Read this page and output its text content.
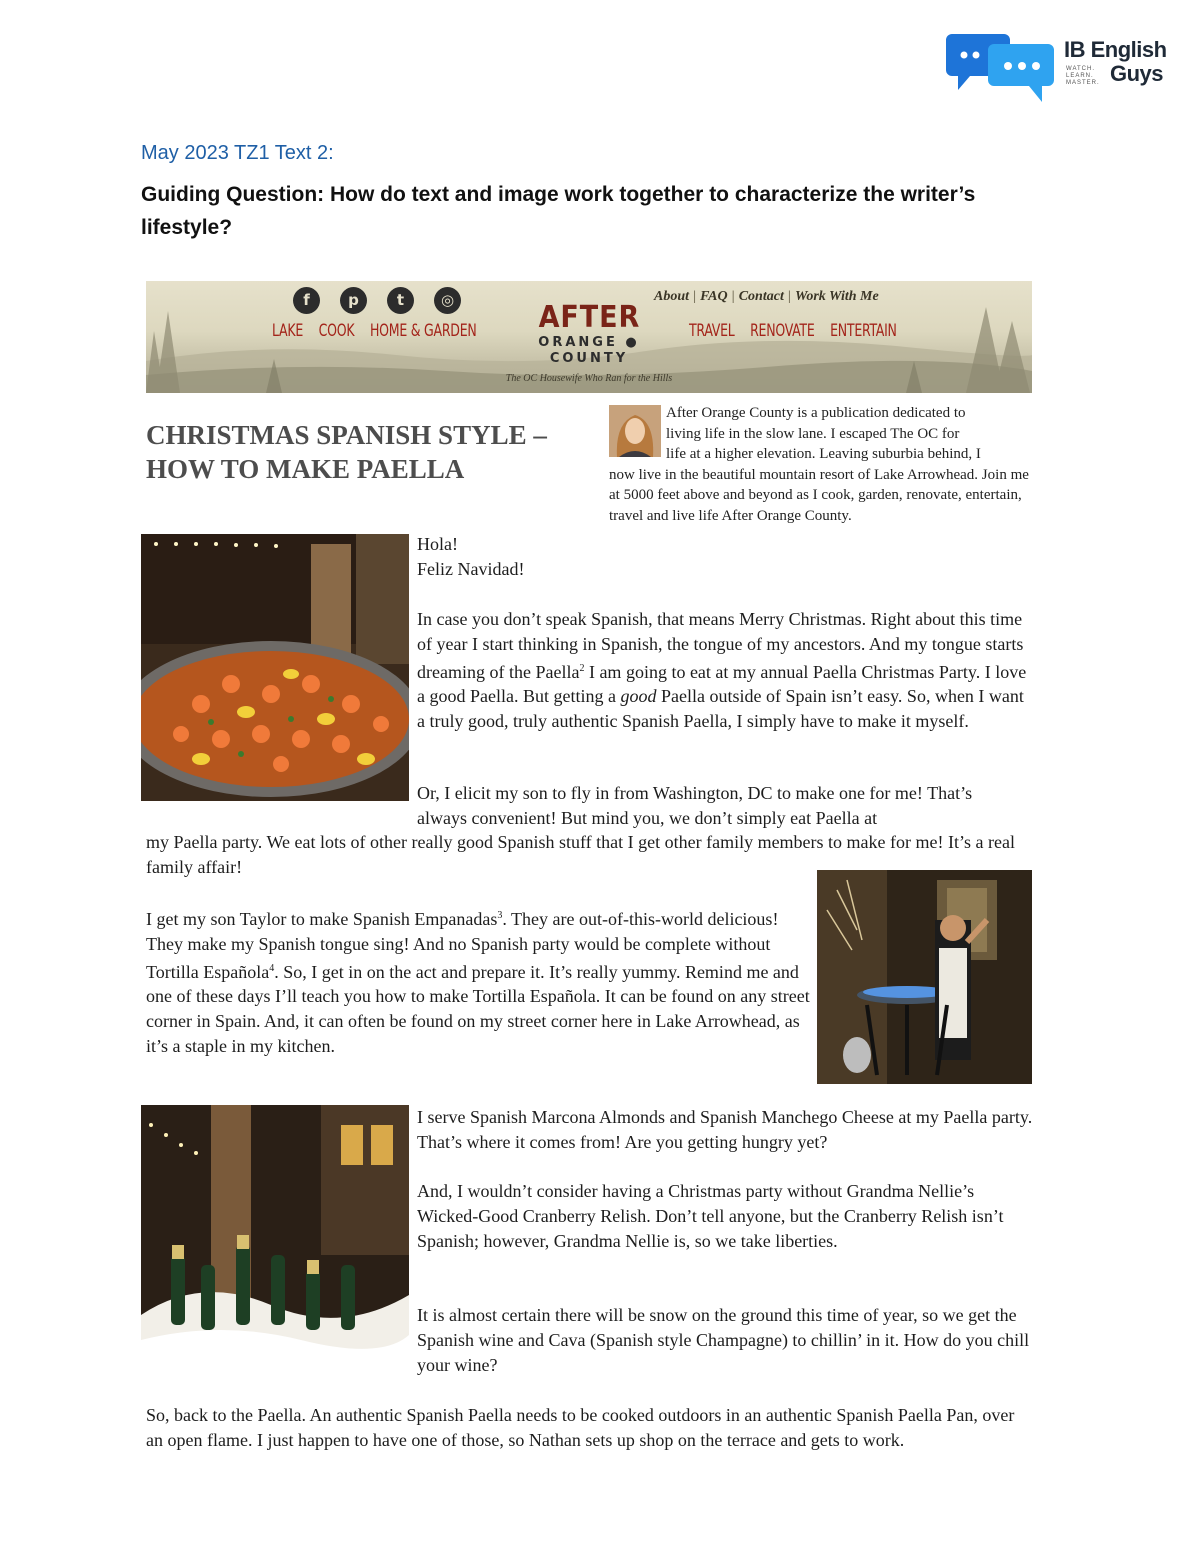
IB English
Guys
WATCH.
LEARN.
MASTER.
May 2023 TZ1 Text 2:
Guiding Question: How do text and image work together to characterize the writer’s lifestyle?
f	p	t	◎	About | FAQ | Contact | Work With Me
LAKE COOK HOME & GARDEN	TRAVEL RENOVATE ENTERTAIN
AFTER
ORANGE ● COUNTY
The OC Housewife Who Ran for the Hills
CHRISTMAS SPANISH STYLE – HOW TO MAKE PAELLA
After Orange County is a publication dedicated to
living life in the slow lane. I escaped The OC for
life at a higher elevation. Leaving suburbia behind, I
now live in the beautiful mountain resort of Lake Arrowhead. Join me at 5000 feet above and beyond as I cook, garden, renovate, entertain, travel and live life After Orange County.
Hola!
Feliz Navidad!
In case you don’t speak Spanish, that means Merry Christmas. Right about this time of year I start thinking in Spanish, the tongue of my ancestors. And my tongue starts dreaming of the Paella$^2$ I am going to eat at my annual Paella Christmas Party. I love a good Paella. But getting a good Paella outside of Spain isn’t easy. So, when I want a truly good, truly authentic Spanish Paella, I simply have to make it myself.
Or, I elicit my son to fly in from Washington, DC to make one for me! That’s always convenient! But mind you, we don’t simply eat Paella at
my Paella party. We eat lots of other really good Spanish stuff that I get other family members to make for me! It’s a real family affair!
I get my son Taylor to make Spanish Empanadas$^3$. They are out-of-this-world delicious! They make my Spanish tongue sing! And no Spanish party would be complete without Tortilla Española$^4$. So, I get in on the act and prepare it. It’s really yummy. Remind me and one of these days I’ll teach you how to make Tortilla Española. It can be found on any street corner in Spain. And, it can often be found on my street corner here in Lake Arrowhead, as it’s a staple in my kitchen.
I serve Spanish Marcona Almonds and Spanish Manchego Cheese at my Paella party. That’s where it comes from! Are you getting hungry yet?
And, I wouldn’t consider having a Christmas party without Grandma Nellie’s Wicked-Good Cranberry Relish. Don’t tell anyone, but the Cranberry Relish isn’t Spanish; however, Grandma Nellie is, so we take liberties.
It is almost certain there will be snow on the ground this time of year, so we get the Spanish wine and Cava (Spanish style Champagne) to chillin’ in it. How do you chill your wine?
So, back to the Paella. An authentic Spanish Paella needs to be cooked outdoors in an authentic Spanish Paella Pan, over an open flame. I just happen to have one of those, so Nathan sets up shop on the terrace and gets to work.
